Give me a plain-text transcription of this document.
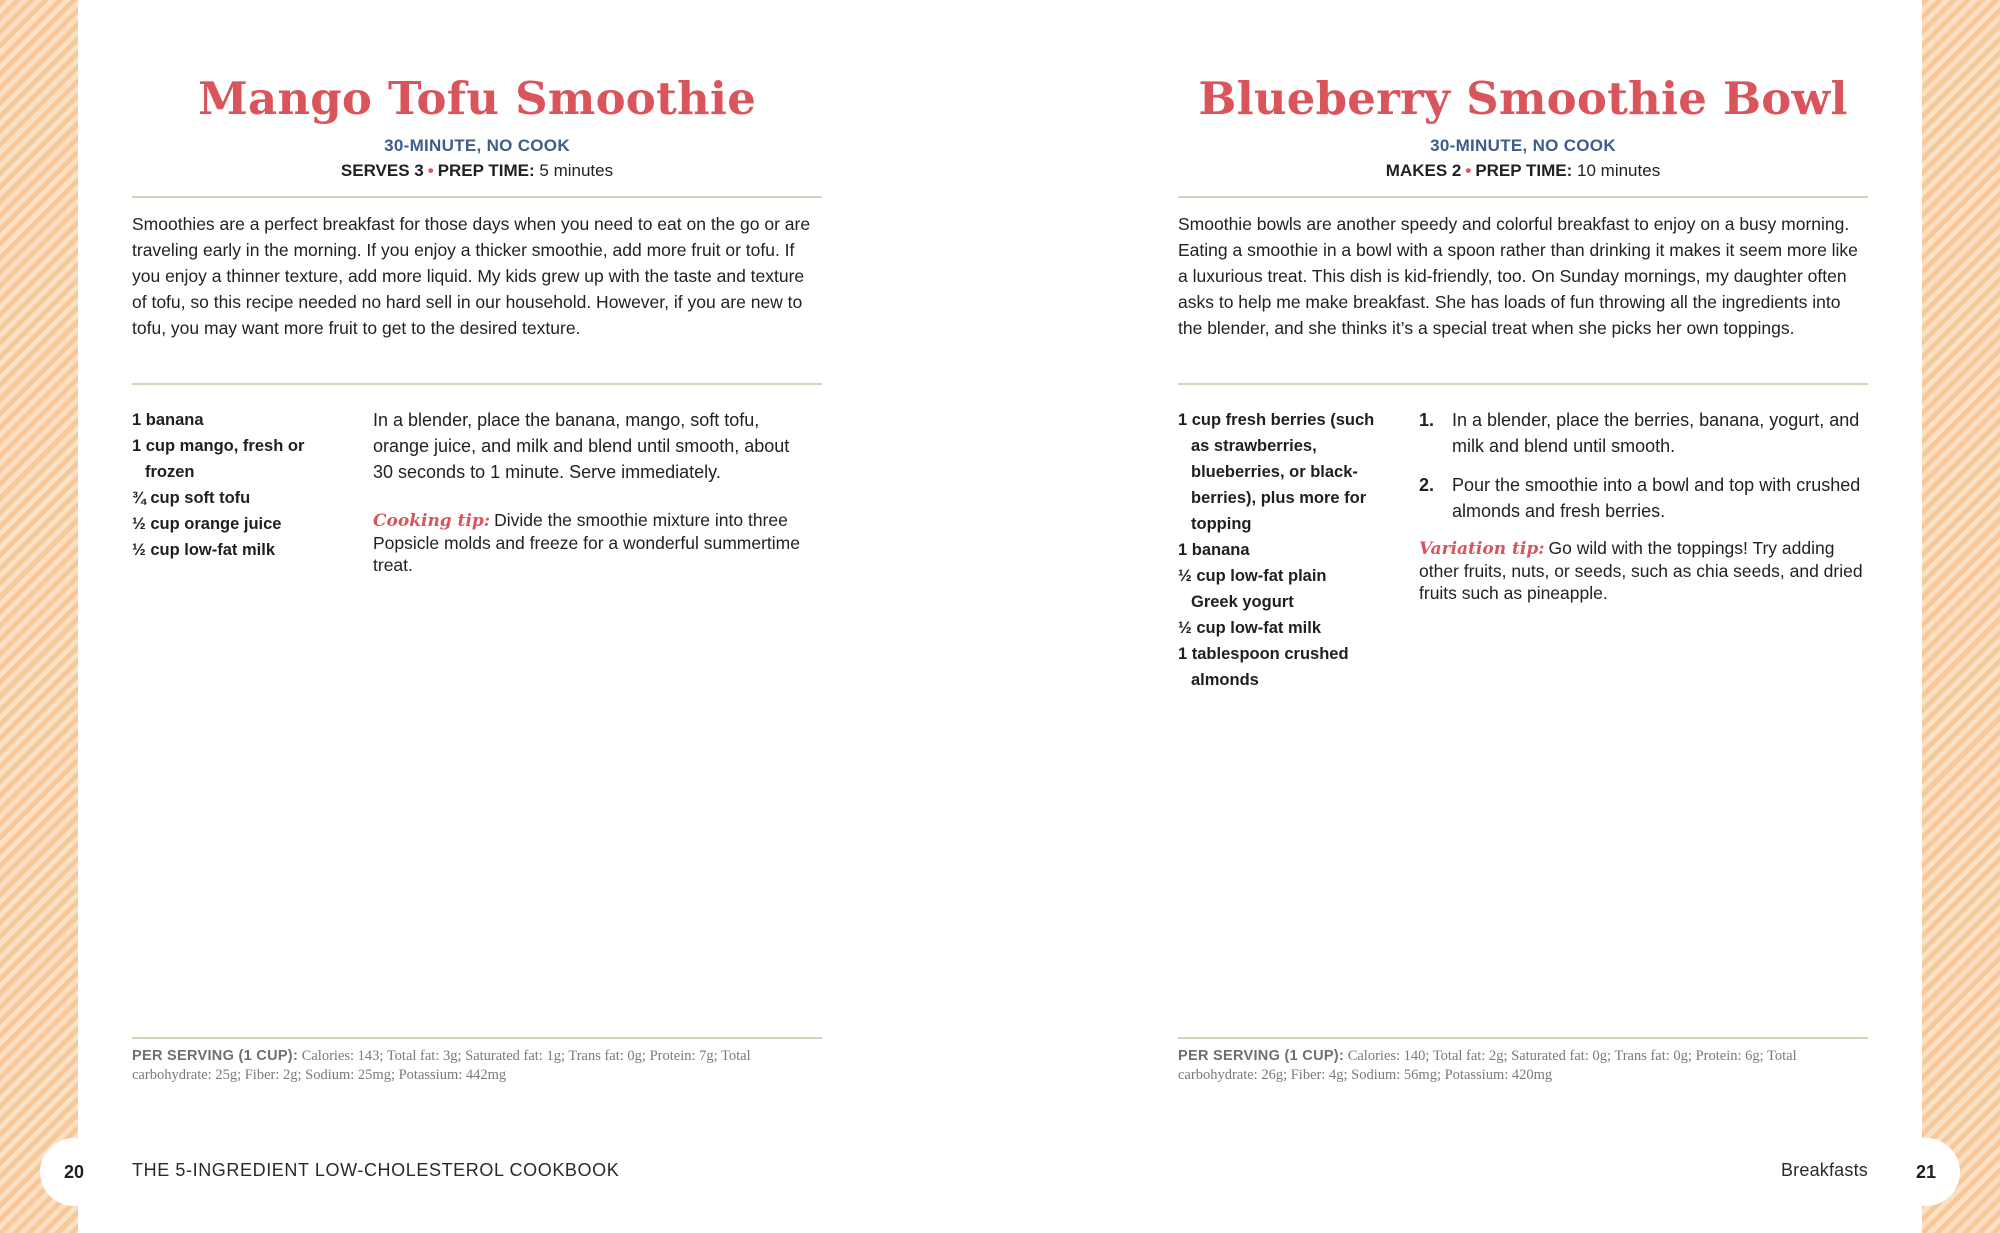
Mango Tofu Smoothie
30-MINUTE, NO COOK
SERVES 3 • PREP TIME: 5 minutes

Smoothies are a perfect breakfast for those days when you need to eat on the go or are traveling early in the morning. If you enjoy a thicker smoothie, add more fruit or tofu. If you enjoy a thinner texture, add more liquid. My kids grew up with the taste and texture of tofu, so this recipe needed no hard sell in our household. However, if you are new to tofu, you may want more fruit to get to the desired texture.

1 banana
1 cup mango, fresh or frozen
¾ cup soft tofu
½ cup orange juice
½ cup low-fat milk

In a blender, place the banana, mango, soft tofu, orange juice, and milk and blend until smooth, about 30 seconds to 1 minute. Serve immediately.

Cooking tip: Divide the smoothie mixture into three Popsicle molds and freeze for a wonderful summertime treat.

PER SERVING (1 CUP): Calories: 143; Total fat: 3g; Saturated fat: 1g; Trans fat: 0g; Protein: 7g; Total carbohydrate: 25g; Fiber: 2g; Sodium: 25mg; Potassium: 442mg

Blueberry Smoothie Bowl
30-MINUTE, NO COOK
MAKES 2 • PREP TIME: 10 minutes

Smoothie bowls are another speedy and colorful breakfast to enjoy on a busy morning. Eating a smoothie in a bowl with a spoon rather than drinking it makes it seem more like a luxurious treat. This dish is kid-friendly, too. On Sunday mornings, my daughter often asks to help me make breakfast. She has loads of fun throwing all the ingredients into the blender, and she thinks it’s a special treat when she picks her own toppings.

1 cup fresh berries (such as strawberries, blueberries, or black-berries), plus more for topping
1 banana
½ cup low-fat plain Greek yogurt
½ cup low-fat milk
1 tablespoon crushed almonds
1. In a blender, place the berries, banana, yogurt, and milk and blend until smooth.
2. Pour the smoothie into a bowl and top with crushed almonds and fresh berries.

Variation tip: Go wild with the toppings! Try adding other fruits, nuts, or seeds, such as chia seeds, and dried fruits such as pineapple.

PER SERVING (1 CUP): Calories: 140; Total fat: 2g; Saturated fat: 0g; Trans fat: 0g; Protein: 6g; Total carbohydrate: 26g; Fiber: 4g; Sodium: 56mg; Potassium: 420mg

20	THE 5-INGREDIENT LOW-CHOLESTEROL COOKBOOK	Breakfasts	21
